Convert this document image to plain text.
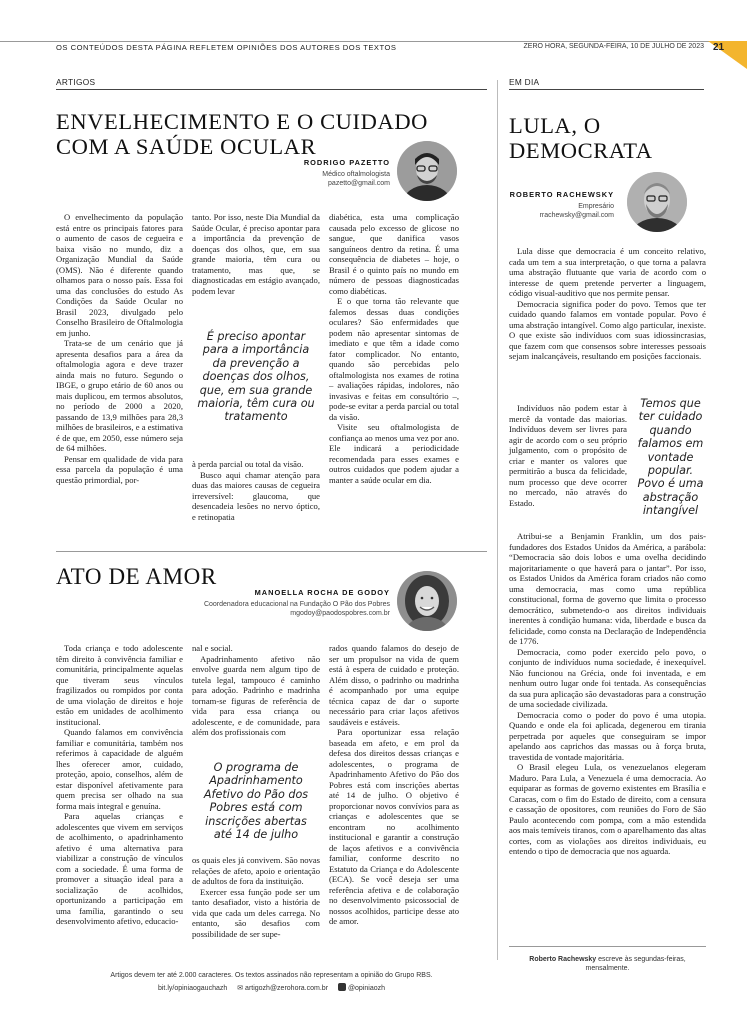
OS CONTEÚDOS DESTA PÁGINA REFLETEM OPINIÕES DOS AUTORES DOS TEXTOS	ZERO HORA, SEGUNDA-FEIRA, 10 DE JULHO DE 2023 21
ARTIGOS	EM DIA
ENVELHECIMENTO E O CUIDADO
COM A SAÚDE OCULAR
RODRIGO PAZETTO
Médico oftalmologista
pazetto@gmail.com

O envelhecimento da população está entre os principais fatores para o aumento de casos de cegueira e baixa visão no mundo, diz a Organização Mundial da Saúde (OMS). Não é diferente quando olhamos para o nosso país. Essa foi uma das conclusões do estudo As Condições da Saúde Ocular no Brasil 2023, divulgado pelo Conselho Brasileiro de Oftalmologia em junho.

Trata-se de um cenário que já apresenta desafios para a área da oftalmologia agora e deve trazer ainda mais no futuro. Segundo o IBGE, o grupo etário de 60 anos ou mais duplicou, em termos absolutos, no período de 2000 a 2020, passando de 13,9 milhões para 28,3 milhões de brasileiros, e a estimativa é de que, em 2050, esse número seja de 64 milhões.

Pensar em qualidade de vida para essa parcela da população é uma questão primordial, por-

tanto. Por isso, neste Dia Mundial da Saúde Ocular, é preciso apontar para a importância da prevenção de doenças dos olhos, que, em sua grande maioria, têm cura ou tratamento, mas que, se diagnosticadas em estágio avançado, podem levar

É preciso apontar para a importância da prevenção a doenças dos olhos, que, em sua grande maioria, têm cura ou tratamento

à perda parcial ou total da visão.

Busco aqui chamar atenção para duas das maiores causas de cegueira irreversível: glaucoma, que desencadeia lesões no nervo óptico, e retinopatia

diabética, esta uma complicação causada pelo excesso de glicose no sangue, que danifica vasos sanguíneos dentro da retina. É uma consequência de diabetes – hoje, o Brasil é o quinto país no mundo em número de pessoas diagnosticadas como diabéticas.

E o que torna tão relevante que falemos dessas duas condições oculares? São enfermidades que podem não apresentar sintomas de imediato e que têm a idade como fator complicador. No entanto, quando são percebidas pelo oftalmologista nos exames de rotina – avaliações rápidas, indolores, não invasivas e feitas em consultório –, pode-se evitar a perda parcial ou total da visão.

Visite seu oftalmologista de confiança ao menos uma vez por ano. Ele indicará a periodicidade recomendada para esses exames e outros cuidados que podem ajudar a manter a saúde ocular em dia.

ATO DE AMOR
MANOELLA ROCHA DE GODOY
Coordenadora educacional na Fundação O Pão dos Pobres
mgodoy@paodospobres.com.br

Toda criança e todo adolescente têm direito à convivência familiar e comunitária, principalmente aquelas que tiveram seus vínculos fragilizados ou rompidos por conta de uma violação de direitos e hoje estão em unidades de acolhimento institucional.

Quando falamos em convivência familiar e comunitária, também nos referimos à capacidade de alguém lhes oferecer amor, cuidado, proteção, apoio, conselhos, além de estar disponível afetivamente para quem precisa ser olhado na sua forma mais integral e genuína.

Para aquelas crianças e adolescentes que vivem em serviços de acolhimento, o apadrinhamento afetivo é uma alternativa para viabilizar a construção de vínculos com a sociedade. É uma forma de promover a situação ideal para a socialização de acolhidos, oportunizando a participação em uma família, garantindo o seu desenvolvimento afetivo, educacio-

nal e social.

Apadrinhamento afetivo não envolve guarda nem algum tipo de tutela legal, tampouco é caminho para adoção. Padrinho e madrinha tornam-se figuras de referência de vida para essa criança ou adolescente, e de comunidade, para além dos profissionais com

O programa de Apadrinhamento Afetivo do Pão dos Pobres está com inscrições abertas até 14 de julho

os quais eles já convivem. São novas relações de afeto, apoio e orientação de adultos de fora da instituição.

Exercer essa função pode ser um tanto desafiador, visto a história de vida que cada um deles carrega. No entanto, são desafios com possibilidade de ser supe-

rados quando falamos do desejo de ser um propulsor na vida de quem está à espera de cuidado e proteção. Além disso, o padrinho ou madrinha é acompanhado por uma equipe técnica capaz de dar o suporte necessário para criar laços afetivos saudáveis e estáveis.

Para oportunizar essa relação baseada em afeto, e em prol da defesa dos direitos dessas crianças e adolescentes, o programa de Apadrinhamento Afetivo do Pão dos Pobres está com inscrições abertas até 14 de julho. O objetivo é proporcionar novos convívios para as crianças e adolescentes que se encontram no acolhimento institucional e garantir a construção de laços afetivos e a convivência familiar, conforme descrito no Estatuto da Criança e do Adolescente (ECA). Se você deseja ser uma referência afetiva e de colaboração no desenvolvimento psicossocial de nossos acolhidos, participe desse ato de amor.

LULA, O
DEMOCRATA
ROBERTO RACHEWSKY
Empresário
rrachewsky@gmail.com

Lula disse que democracia é um conceito relativo, cada um tem a sua interpretação, o que torna a palavra uma abstração flutuante que varia de acordo com o interesse de quem pretende perverter a linguagem, código visual-auditivo que nos permite pensar.

Democracia significa poder do povo. Temos que ter cuidado quando falamos em vontade popular. Povo é uma abstração intangível. Como algo particular, inexiste. O que existe são indivíduos com suas idiossincrasias, que fazem com que consensos sobre interesses pessoais sejam inalcançáveis, resultando em posições faccionais.

Indivíduos não podem estar à mercê da vontade das maiorias. Indivíduos devem ser livres para agir de acordo com o seu próprio julgamento, com o propósito de criar e manter os valores que permitirão a busca da felicidade, num processo que deve ocorrer no mercado, não através do Estado.

Temos que ter cuidado quando falamos em vontade popular. Povo é uma abstração intangível

Atribui-se a Benjamin Franklin, um dos pais-fundadores dos Estados Unidos da América, a parábola: “Democracia são dois lobos e uma ovelha decidindo majoritariamente o que haverá para o jantar”. Por isso, os Estados Unidos da América foram criados não como uma democracia, mas como uma república constitucional, forma de governo que limita o processo democrático, submetendo-o aos direitos individuais inerentes à condição humana: vida, liberdade e busca da felicidade, como consta na Declaração de Independência de 1776.

Democracia, como poder exercido pelo povo, o conjunto de indivíduos numa sociedade, é inexequível. Não funcionou na Grécia, onde foi inventada, e em nenhum outro lugar onde foi tentada. As consequências da sua pura aplicação são devastadoras para a construção de uma sociedade civilizada.

Democracia como o poder do povo é uma utopia. Quando e onde ela foi aplicada, degenerou em tirania perpetrada por aqueles que conseguiram se impor apelando aos caprichos das massas ou à força bruta, travestida de vontade majoritária.

O Brasil elegeu Lula, os venezuelanos elegeram Maduro. Para Lula, a Venezuela é uma democracia. Ao equiparar as formas de governo existentes em Brasília e Caracas, com o fim do Estado de direito, com a censura e cassação de opositores, com reuniões do Foro de São Paulo acontecendo com pompa, com a mão estendida aos mais temíveis tiranos, com o aparelhamento das altas cortes, com as violações aos direitos individuais, eu entendo o tipo de democracia que nos aguarda.

Roberto Rachewsky escreve às segundas-feiras, mensalmente.
Artigos devem ter até 2.000 caracteres. Os textos assinados não representam a opinião do Grupo RBS.
bit.ly/opiniaogauchazh ✉ artigozh@zerohora.com.br	@opiniaozh
